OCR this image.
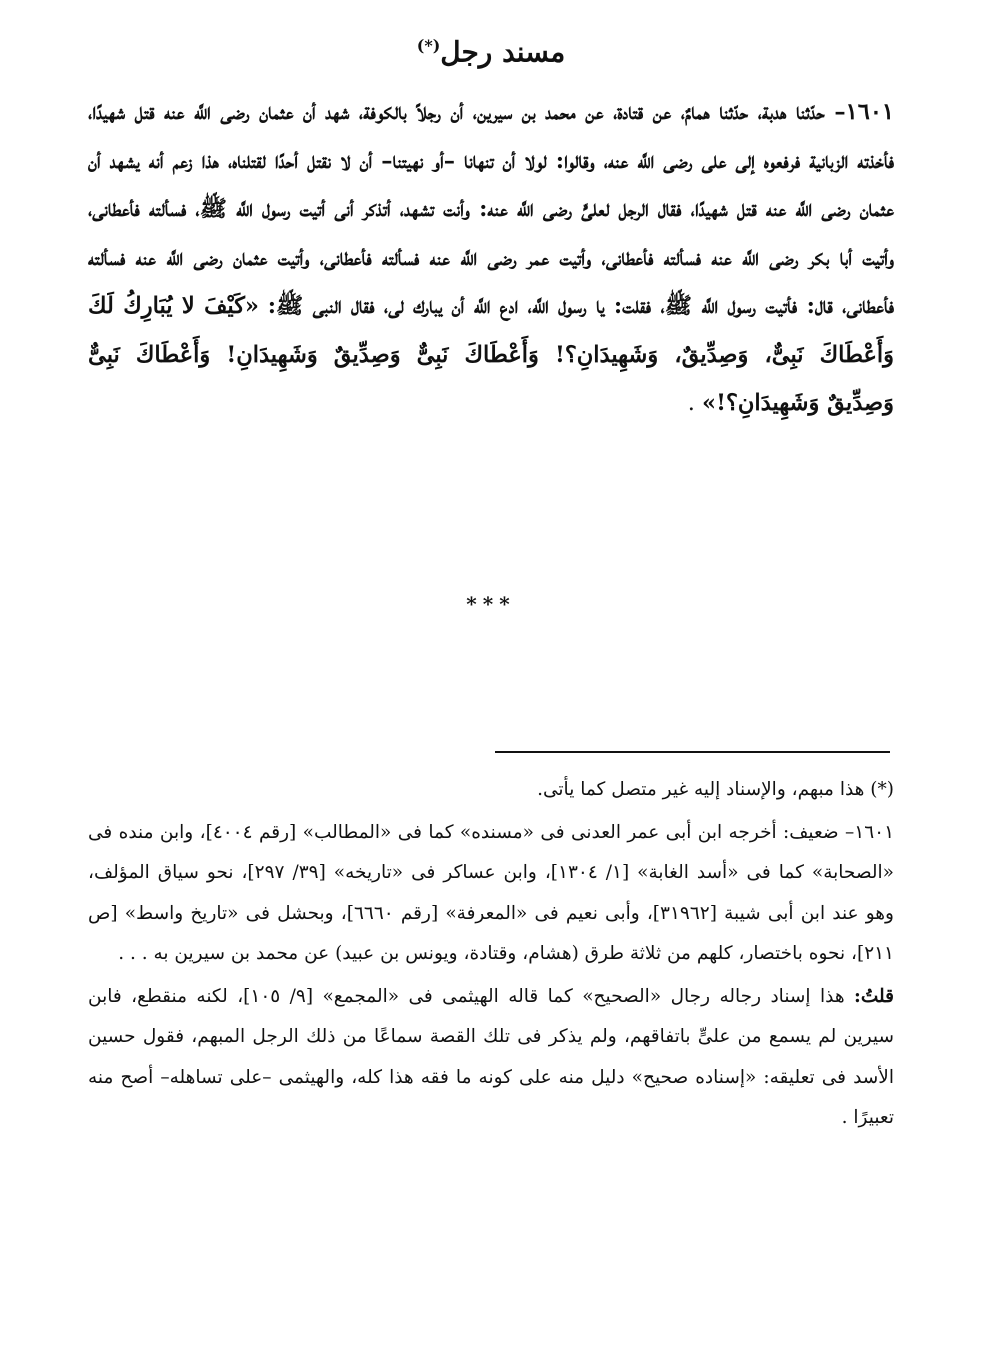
مسند رجل(*)
١٦٠١– حدّثنا هدبة، حدّثنا همامٌ، عن قتادة، عن محمد بن سيرين، أن رجلاً بالكوفة، شهد أن عثمان رضى اللَّه عنه قتل شهيدًا، فأخذته الزبانية فرفعوه إلى على رضى اللَّه عنه، وقالوا: لولا أن تنهانا –أو نهيتنا– أن لا نقتل أحدًا لقتلناه، هذا زعم أنه يشهد أن عثمان رضى اللَّه عنه قتل شهيدًا، فقال الرجل لعلىٍّ رضى اللَّه عنه: وأنت تشهد، أتذكر أنى أتيت رسول اللَّه ﷺ، فسألته فأعطانى، وأتيت أبا بكر رضى اللَّه عنه فسألته فأعطانى، وأتيت عمر رضى اللَّه عنه فسألته فأعطانى، وأتيت عثمان رضى اللَّه عنه فسألته فأعطانى، قال: فأتيت رسول اللَّه ﷺ، فقلت: يا رسول اللَّه، ادع اللَّه أن يبارك لى، فقال النبى ﷺ: «كَيْفَ لا يُبَارِكُ لَكَ وَأَعْطَاكَ نَبِىٌّ، وَصِدِّيقٌ، وَشَهِيدَانِ؟! وَأَعْطَاكَ نَبِىٌّ وَصِدِّيقٌ وَشَهِيدَانِ! وَأَعْطَاكَ نَبِىٌّ وَصِدِّيقٌ وَشَهِيدَانِ؟!» .
***

(*) هذا مبهم، والإسناد إليه غير متصل كما يأتى.

١٦٠١– ضعيف: أخرجه ابن أبى عمر العدنى فى «مسنده» كما فى «المطالب» [رقم ٤٠٠٤]، وابن منده فى «الصحابة» كما فى «أسد الغابة» [١/ ١٣٠٤]، وابن عساكر فى «تاريخه» [٣٩/ ٢٩٧]، نحو سياق المؤلف، وهو عند ابن أبى شيبة [٣١٩٦٢]، وأبى نعيم فى «المعرفة» [رقم ٦٦٦٠]، وبحشل فى «تاريخ واسط» [ص ٢١١]، نحوه باختصار، كلهم من ثلاثة طرق (هشام، وقتادة، ويونس بن عبيد) عن محمد بن سيرين به . . .

قلتُ: هذا إسناد رجاله رجال «الصحيح» كما قاله الهيثمى فى «المجمع» [٩/ ١٠٥]، لكنه منقطع، فابن سيرين لم يسمع من علىٍّ باتفاقهم، ولم يذكر فى تلك القصة سماعًا من ذلك الرجل المبهم، فقول حسين الأسد فى تعليقه: «إسناده صحيح» دليل منه على كونه ما فقه هذا كله، والهيثمى –على تساهله– أصح منه تعبيرًا .
